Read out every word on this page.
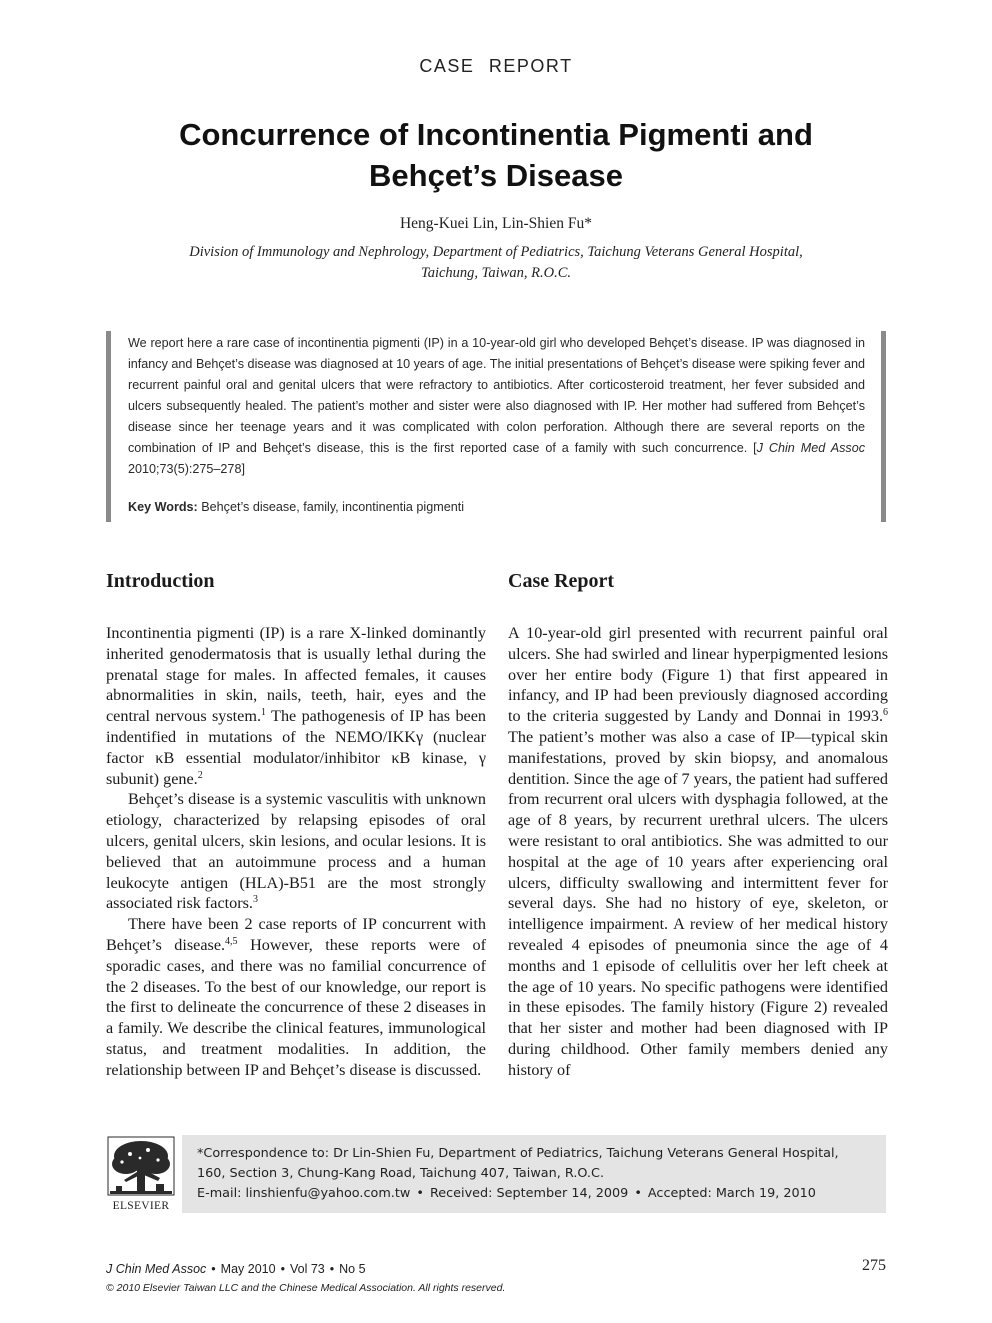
CASE REPORT
Concurrence of Incontinentia Pigmenti and
Behçet’s Disease
Heng-Kuei Lin, Lin-Shien Fu*
Division of Immunology and Nephrology, Department of Pediatrics, Taichung Veterans General Hospital,
Taichung, Taiwan, R.O.C.

We report here a rare case of incontinentia pigmenti (IP) in a 10-year-old girl who developed Behçet’s disease. IP was diagnosed in infancy and Behçet’s disease was diagnosed at 10 years of age. The initial presentations of Behçet’s disease were spiking fever and recurrent painful oral and genital ulcers that were refractory to antibiotics. After corticosteroid treatment, her fever subsided and ulcers subsequently healed. The patient’s mother and sister were also diagnosed with IP. Her mother had suffered from Behçet’s disease since her teenage years and it was complicated with colon perforation. Although there are several reports on the combination of IP and Behçet’s disease, this is the first reported case of a family with such concurrence. [J Chin Med Assoc 2010;73(5):275–278]

Key Words: Behçet’s disease, family, incontinentia pigmenti

Introduction

Incontinentia pigmenti (IP) is a rare X-linked dominantly inherited genodermatosis that is usually lethal during the prenatal stage for males. In affected females, it causes abnormalities in skin, nails, teeth, hair, eyes and the central nervous system.$^1$ The pathogenesis of IP has been indentified in mutations of the NEMO/IKKγ (nuclear factor κB essential modulator/inhibitor κB kinase, γ subunit) gene.$^2$

Behçet’s disease is a systemic vasculitis with unknown etiology, characterized by relapsing episodes of oral ulcers, genital ulcers, skin lesions, and ocular lesions. It is believed that an autoimmune process and a human leukocyte antigen (HLA)-B51 are the most strongly associated risk factors.$^3$

There have been 2 case reports of IP concurrent with Behçet’s disease.$^{4,5}$ However, these reports were of sporadic cases, and there was no familial concurrence of the 2 diseases. To the best of our knowledge, our report is the first to delineate the concurrence of these 2 diseases in a family. We describe the clinical features, immunological status, and treatment modalities. In addition, the relationship between IP and Behçet’s disease is discussed.

Case Report

A 10-year-old girl presented with recurrent painful oral ulcers. She had swirled and linear hyperpigmented lesions over her entire body (Figure 1) that first appeared in infancy, and IP had been previously diagnosed according to the criteria suggested by Landy and Donnai in 1993.$^6$ The patient’s mother was also a case of IP—typical skin manifestations, proved by skin biopsy, and anomalous dentition. Since the age of 7 years, the patient had suffered from recurrent oral ulcers with dysphagia followed, at the age of 8 years, by recurrent urethral ulcers. The ulcers were resistant to oral antibiotics. She was admitted to our hospital at the age of 10 years after experiencing oral ulcers, difficulty swallowing and intermittent fever for several days. She had no history of eye, skeleton, or intelligence impairment. A review of her medical history revealed 4 episodes of pneumonia since the age of 4 months and 1 episode of cellulitis over her left cheek at the age of 10 years. No specific pathogens were identified in these episodes. The family history (Figure 2) revealed that her sister and mother had been diagnosed with IP during childhood. Other family members denied any history of

ELSEVIER
*Correspondence to: Dr Lin-Shien Fu, Department of Pediatrics, Taichung Veterans General Hospital,
160, Section 3, Chung-Kang Road, Taichung 407, Taiwan, R.O.C.
E-mail: linshienfu@yahoo.com.tw • Received: September 14, 2009 • Accepted: March 19, 2010
J Chin Med Assoc • May 2010 • Vol 73 • No 5	275
© 2010 Elsevier Taiwan LLC and the Chinese Medical Association. All rights reserved.
